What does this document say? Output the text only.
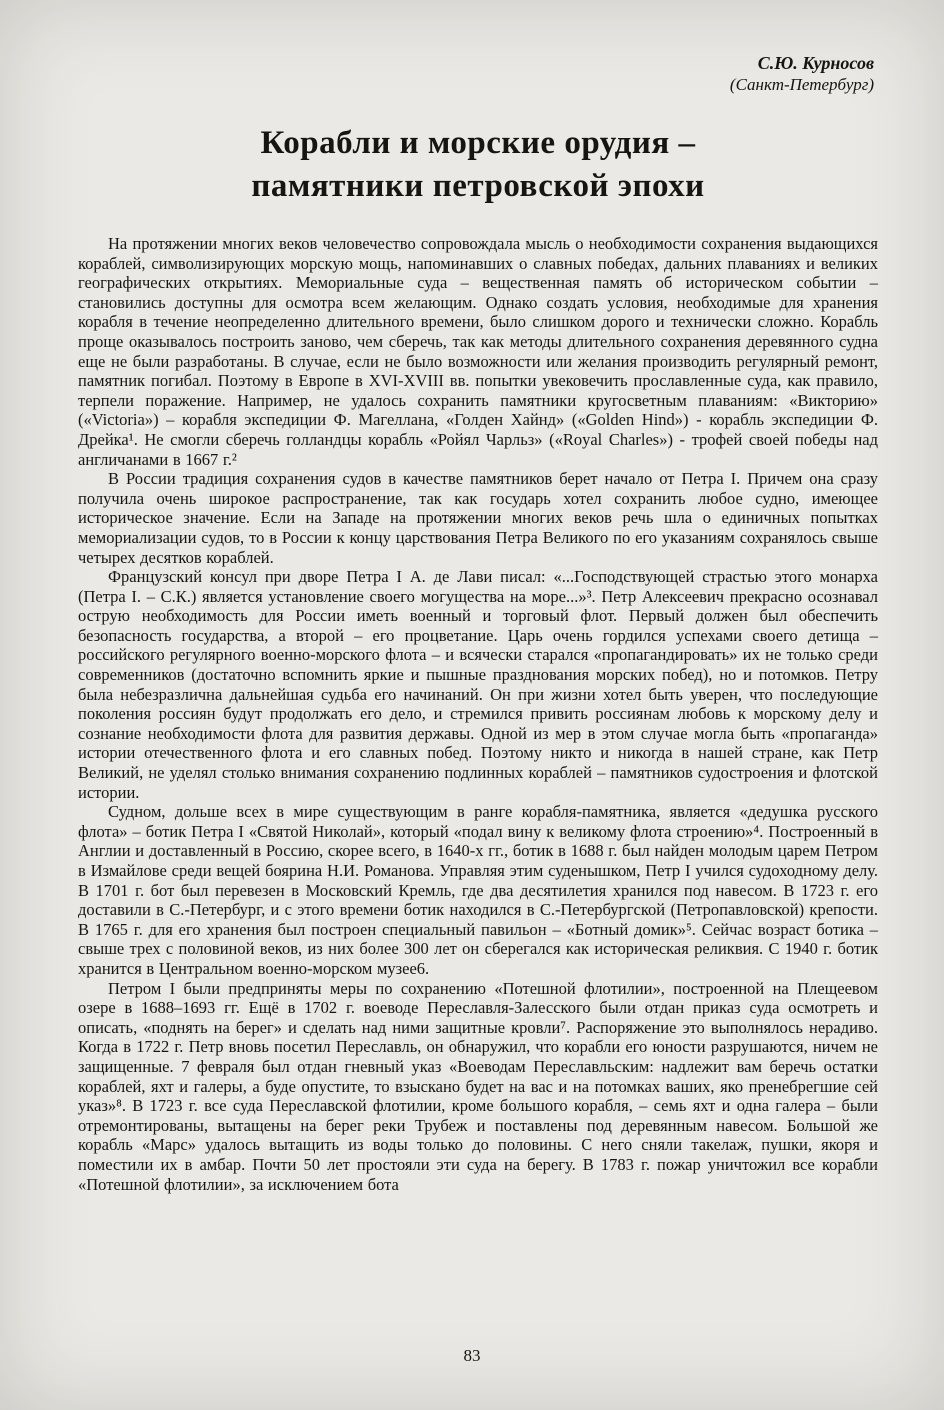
С.Ю. Курносов
(Санкт-Петербург)
Корабли и морские орудия –
памятники петровской эпохи

На протяжении многих веков человечество сопровождала мысль о необходимости сохранения выдающихся кораблей, символизирующих морскую мощь, напоминавших о славных победах, дальних плаваниях и великих географических открытиях. Мемориальные суда – вещественная память об историческом событии – становились доступны для осмотра всем желающим. Однако создать условия, необходимые для хранения корабля в течение неопределенно длительного времени, было слишком дорого и технически сложно. Корабль проще оказывалось построить заново, чем сберечь, так как методы длительного сохранения деревянного судна еще не были разработаны. В случае, если не было возможности или желания производить регулярный ремонт, памятник погибал. Поэтому в Европе в XVI-XVIII вв. попытки увековечить прославленные суда, как правило, терпели поражение. Например, не удалось сохранить памятники кругосветным плаваниям: «Викторию» («Victoria») – корабля экспедиции Ф. Магеллана, «Голден Хайнд» («Golden Hind») - корабль экспедиции Ф. Дрейка¹. Не смогли сберечь голландцы корабль «Ройял Чарльз» («Royal Charles») - трофей своей победы над англичанами в 1667 г.²

В России традиция сохранения судов в качестве памятников берет начало от Петра I. Причем она сразу получила очень широкое распространение, так как государь хотел сохранить любое судно, имеющее историческое значение. Если на Западе на протяжении многих веков речь шла о единичных попытках мемориализации судов, то в России к концу царствования Петра Великого по его указаниям сохранялось свыше четырех десятков кораблей.

Французский консул при дворе Петра I А. де Лави писал: «...Господствующей страстью этого монарха (Петра I. – С.К.) является установление своего могущества на море...»³. Петр Алексеевич прекрасно осознавал острую необходимость для России иметь военный и торговый флот. Первый должен был обеспечить безопасность государства, а второй – его процветание. Царь очень гордился успехами своего детища – российского регулярного военно-морского флота – и всячески старался «пропагандировать» их не только среди современников (достаточно вспомнить яркие и пышные празднования морских побед), но и потомков. Петру была небезразлична дальнейшая судьба его начинаний. Он при жизни хотел быть уверен, что последующие поколения россиян будут продолжать его дело, и стремился привить россиянам любовь к морскому делу и сознание необходимости флота для развития державы. Одной из мер в этом случае могла быть «пропаганда» истории отечественного флота и его славных побед. Поэтому никто и никогда в нашей стране, как Петр Великий, не уделял столько внимания сохранению подлинных кораблей – памятников судостроения и флотской истории.

Судном, дольше всех в мире существующим в ранге корабля-памятника, является «дедушка русского флота» – ботик Петра I «Святой Николай», который «подал вину к великому флота строению»⁴. Построенный в Англии и доставленный в Россию, скорее всего, в 1640-х гг., ботик в 1688 г. был найден молодым царем Петром в Измайлове среди вещей боярина Н.И. Романова. Управляя этим суденышком, Петр I учился судоходному делу. В 1701 г. бот был перевезен в Московский Кремль, где два десятилетия хранился под навесом. В 1723 г. его доставили в С.-Петербург, и с этого времени ботик находился в С.-Петербургской (Петропавловской) крепости. В 1765 г. для его хранения был построен специальный павильон – «Ботный домик»⁵. Сейчас возраст ботика – свыше трех с половиной веков, из них более 300 лет он сберегался как историческая реликвия. С 1940 г. ботик хранится в Центральном военно-морском музее6.

Петром I были предприняты меры по сохранению «Потешной флотилии», построенной на Плещеевом озере в 1688–1693 гг. Ещё в 1702 г. воеводе Переславля-Залесского были отдан приказ суда осмотреть и описать, «поднять на берег» и сделать над ними защитные кровли⁷. Распоряжение это выполнялось нерадиво. Когда в 1722 г. Петр вновь посетил Переславль, он обнаружил, что корабли его юности разрушаются, ничем не защищенные. 7 февраля был отдан гневный указ «Воеводам Переславльским: надлежит вам беречь остатки кораблей, яхт и галеры, а буде опустите, то взыскано будет на вас и на потомках ваших, яко пренебрегшие сей указ»⁸. В 1723 г. все суда Переславской флотилии, кроме большого корабля, – семь яхт и одна галера – были отремонтированы, вытащены на берег реки Трубеж и поставлены под деревянным навесом. Большой же корабль «Марс» удалось вытащить из воды только до половины. С него сняли такелаж, пушки, якоря и поместили их в амбар. Почти 50 лет простояли эти суда на берегу. В 1783 г. пожар уничтожил все корабли «Потешной флотилии», за исключением бота

83
